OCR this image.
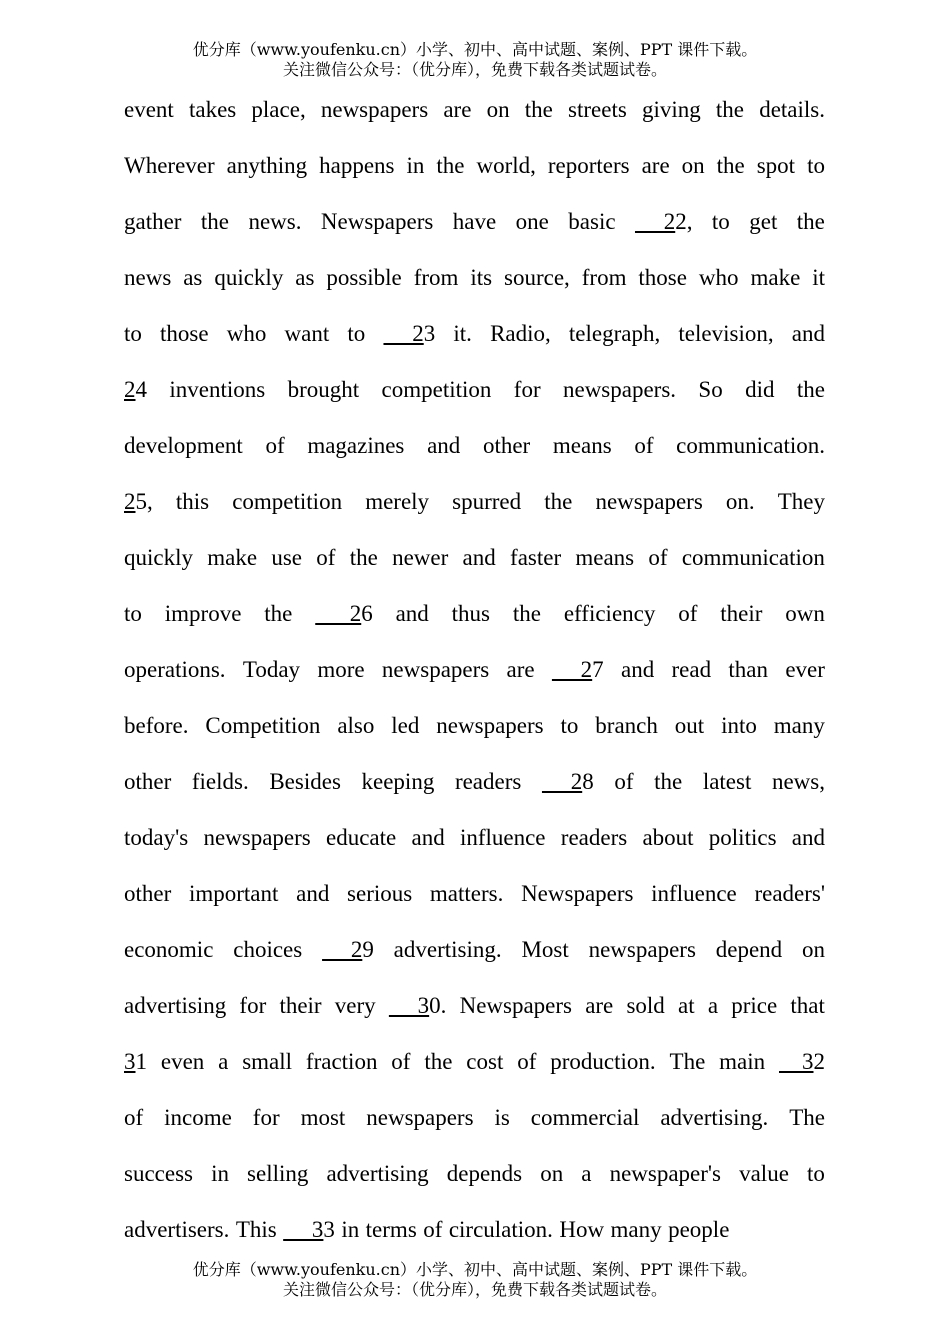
优分库（www.youfenku.cn）小学、初中、高中试题、案例、PPT 课件下载。
关注微信公众号：（优分库），免费下载各类试题试卷。
event takes place, newspapers are on the streets giving the details.
Wherever anything happens in the world, reporters are on the spot to
gather the news. Newspapers have one basic 22, to get the
news as quickly as possible from its source, from those who make it
to those who want to 23 it. Radio, telegraph, television, and
24 inventions brought competition for newspapers. So did the
development of magazines and other means of communication.
25, this competition merely spurred the newspapers on. They
quickly make use of the newer and faster means of communication
to improve the 26 and thus the efficiency of their own
operations. Today more newspapers are 27 and read than ever
before. Competition also led newspapers to branch out into many
other fields. Besides keeping readers 28 of the latest news,
today's newspapers educate and influence readers about politics and
other important and serious matters. Newspapers influence readers'
economic choices 29 advertising. Most newspapers depend on
advertising for their very 30. Newspapers are sold at a price that
31 even a small fraction of the cost of production. The main 32
of income for most newspapers is commercial advertising. The
success in selling advertising depends on a newspaper's value to
advertisers. This 33 in terms of circulation. How many people
优分库（www.youfenku.cn）小学、初中、高中试题、案例、PPT 课件下载。
关注微信公众号：（优分库），免费下载各类试题试卷。
